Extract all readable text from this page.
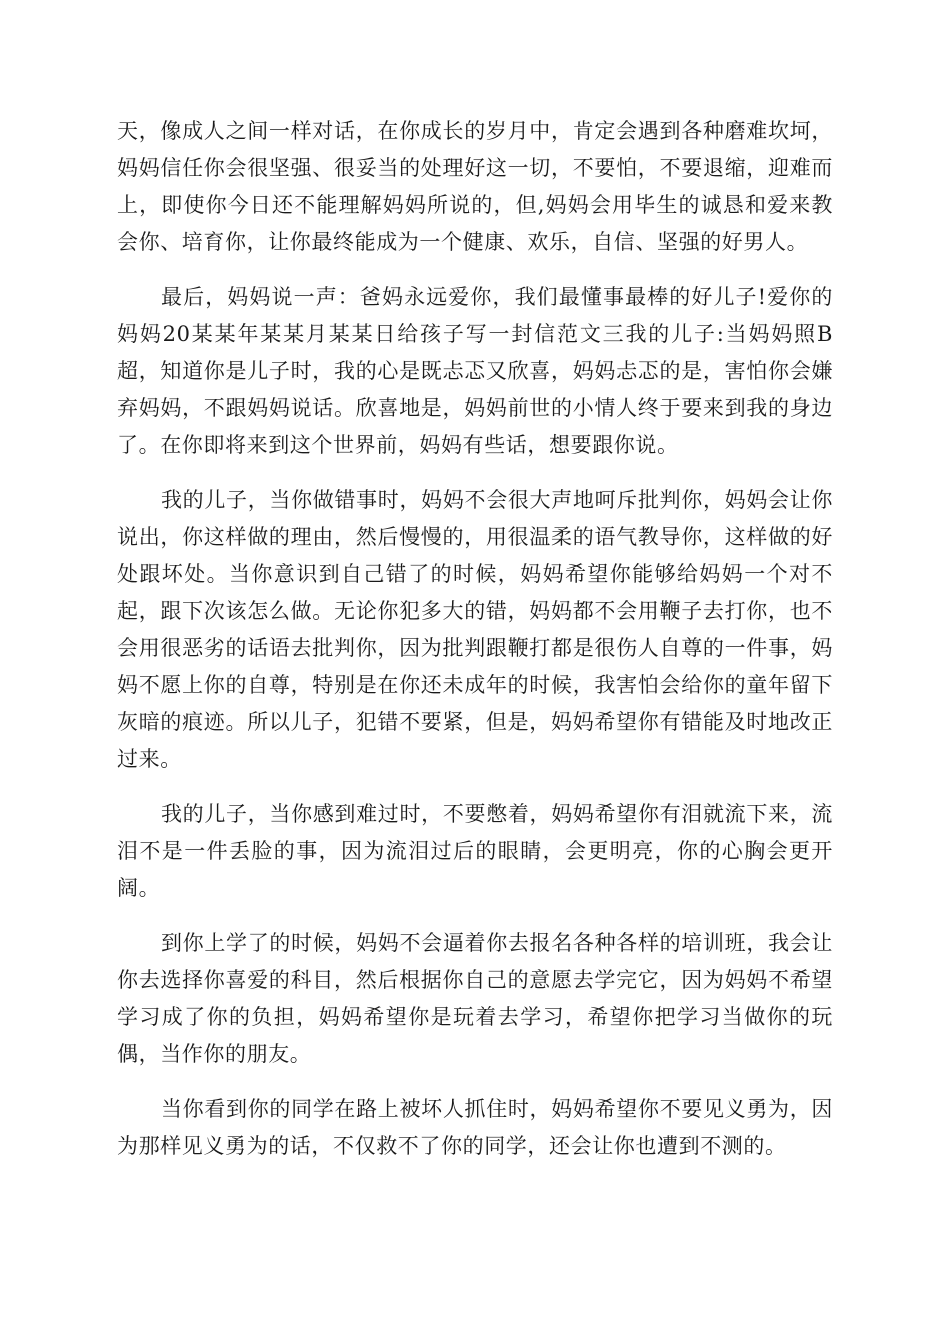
天，像成人之间一样对话，在你成长的岁月中，肯定会遇到各种磨难坎坷，妈妈信任你会很坚强、很妥当的处理好这一切，不要怕，不要退缩，迎难而上，即使你今日还不能理解妈妈所说的，但,妈妈会用毕生的诚恳和爱来教会你、培育你，让你最终能成为一个健康、欢乐，自信、坚强的好男人。

最后，妈妈说一声：爸妈永远爱你，我们最懂事最棒的好儿子!爱你的妈妈20某某年某某月某某日给孩子写一封信范文三我的儿子:当妈妈照B超，知道你是儿子时，我的心是既忐忑又欣喜，妈妈忐忑的是，害怕你会嫌弃妈妈，不跟妈妈说话。欣喜地是，妈妈前世的小情人终于要来到我的身边了。在你即将来到这个世界前，妈妈有些话，想要跟你说。

我的儿子，当你做错事时，妈妈不会很大声地呵斥批判你，妈妈会让你说出，你这样做的理由，然后慢慢的，用很温柔的语气教导你，这样做的好处跟坏处。当你意识到自己错了的时候，妈妈希望你能够给妈妈一个对不起，跟下次该怎么做。无论你犯多大的错，妈妈都不会用鞭子去打你，也不会用很恶劣的话语去批判你，因为批判跟鞭打都是很伤人自尊的一件事，妈妈不愿上你的自尊，特别是在你还未成年的时候，我害怕会给你的童年留下灰暗的痕迹。所以儿子，犯错不要紧，但是，妈妈希望你有错能及时地改正过来。

我的儿子，当你感到难过时，不要憋着，妈妈希望你有泪就流下来，流泪不是一件丢脸的事，因为流泪过后的眼睛，会更明亮，你的心胸会更开阔。

到你上学了的时候，妈妈不会逼着你去报名各种各样的培训班，我会让你去选择你喜爱的科目，然后根据你自己的意愿去学完它，因为妈妈不希望学习成了你的负担，妈妈希望你是玩着去学习，希望你把学习当做你的玩偶，当作你的朋友。

当你看到你的同学在路上被坏人抓住时，妈妈希望你不要见义勇为，因为那样见义勇为的话，不仅救不了你的同学，还会让你也遭到不测的。
